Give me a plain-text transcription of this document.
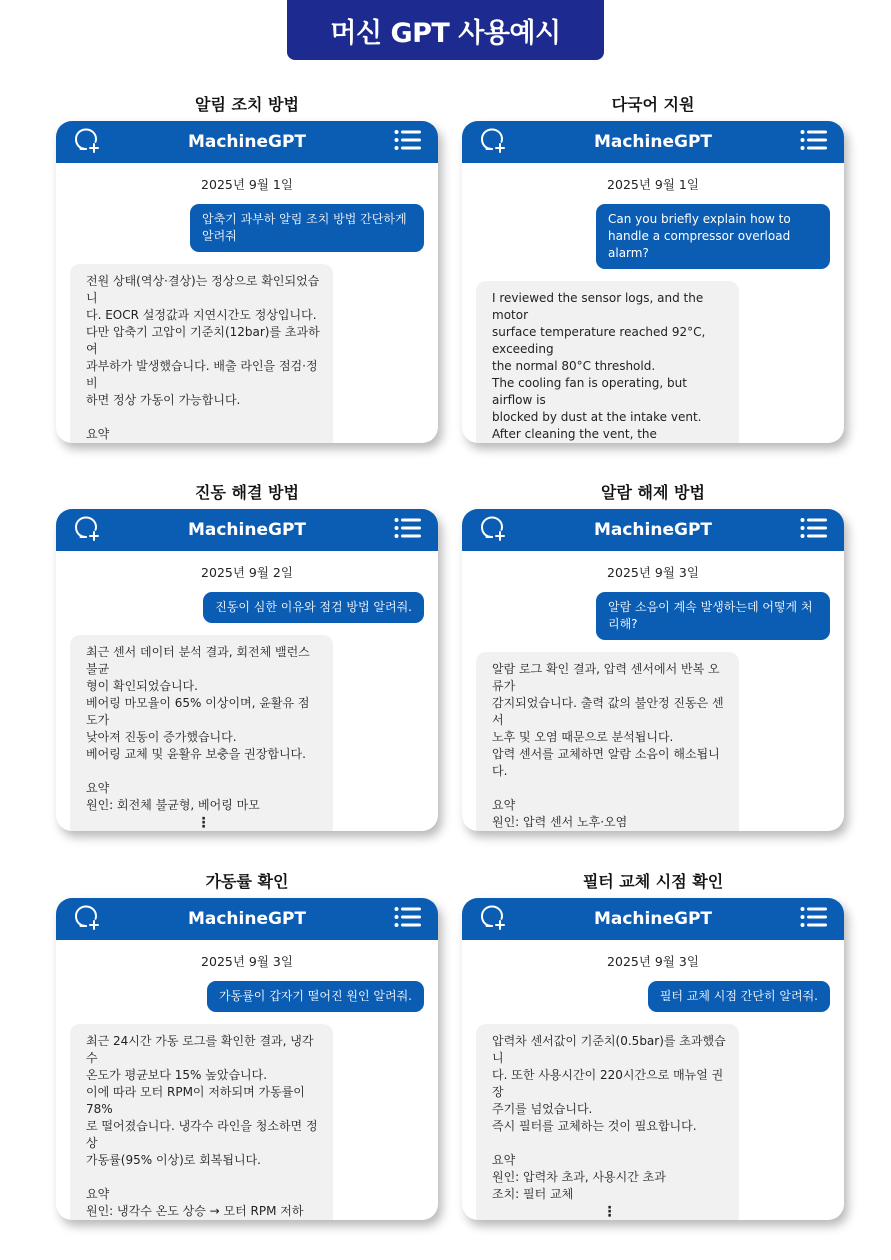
머신 GPT 사용예시
알림 조치 방법
MachineGPT
2025년 9월 1일
압축기 과부하 알림 조치 방법 간단하게 알려줘
전원 상태(역상·결상)는 정상으로 확인되었습니
다. EOCR 설정값과 지연시간도 정상입니다.
다만 압축기 고압이 기준치(12bar)를 초과하여
과부하가 발생했습니다. 배출 라인을 점검·정비
하면 정상 가동이 가능합니다.
요약
다국어 지원
MachineGPT
2025년 9월 1일
Can you briefly explain how to handle a compressor overload alarm?
I reviewed the sensor logs, and the motor
surface temperature reached 92°C, exceeding
the normal 80°C threshold.
The cooling fan is operating, but airflow is
blocked by dust at the intake vent.
After cleaning the vent, the
진동 해결 방법
MachineGPT
2025년 9월 2일
진동이 심한 이유와 점검 방법 알려줘.
최근 센서 데이터 분석 결과, 회전체 밸런스 불균
형이 확인되었습니다.
베어링 마모율이 65% 이상이며, 윤활유 점도가
낮아져 진동이 증가했습니다.
베어링 교체 및 윤활유 보충을 권장합니다.
요약
원인: 회전체 불균형, 베어링 마모
⋮
알람 해제 방법
MachineGPT
2025년 9월 3일
알람 소음이 계속 발생하는데 어떻게 처리해?
알람 로그 확인 결과, 압력 센서에서 반복 오류가
감지되었습니다. 출력 값의 불안정 진동은 센서
노후 및 오염 때문으로 분석됩니다.
압력 센서를 교체하면 알람 소음이 해소됩니다.
요약
원인: 압력 센서 노후·오염
가동률 확인
MachineGPT
2025년 9월 3일
가동률이 갑자기 떨어진 원인 알려줘.
최근 24시간 가동 로그를 확인한 결과, 냉각수
온도가 평균보다 15% 높았습니다.
이에 따라 모터 RPM이 저하되며 가동률이 78%
로 떨어졌습니다. 냉각수 라인을 청소하면 정상
가동률(95% 이상)로 회복됩니다.
요약
원인: 냉각수 온도 상승 → 모터 RPM 저하
필터 교체 시점 확인
MachineGPT
2025년 9월 3일
필터 교체 시점 간단히 알려줘.
압력차 센서값이 기준치(0.5bar)를 초과했습니
다. 또한 사용시간이 220시간으로 매뉴얼 권장
주기를 넘었습니다.
즉시 필터를 교체하는 것이 필요합니다.
요약
원인: 압력차 초과, 사용시간 초과
조치: 필터 교체
⋮
